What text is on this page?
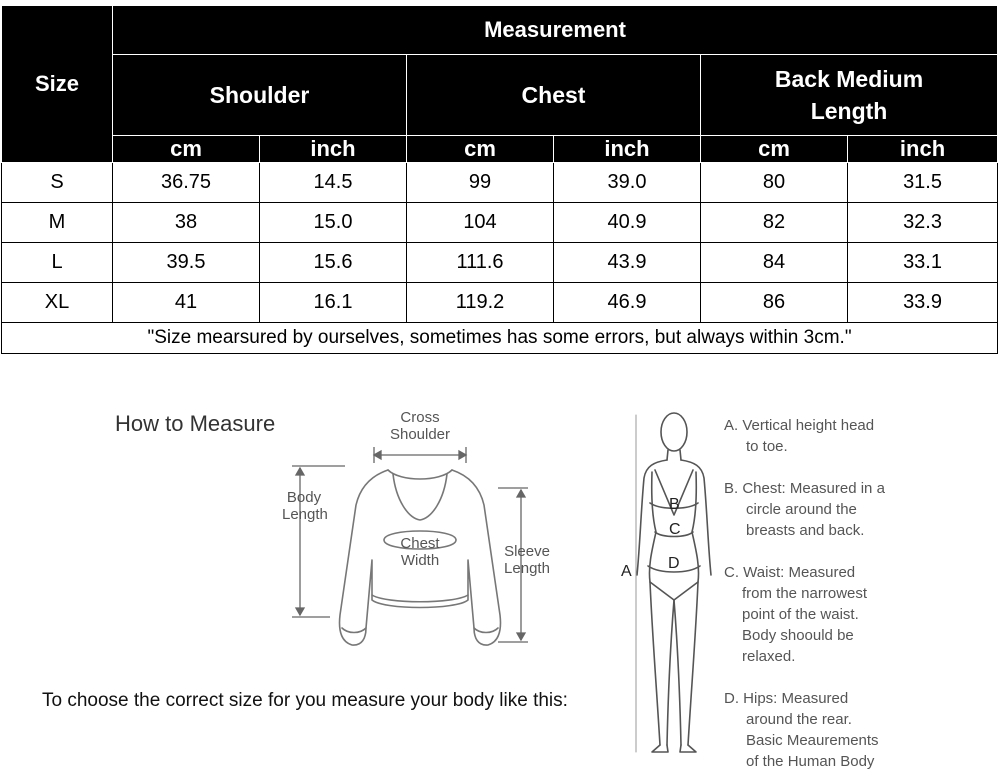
Size	Measurement					
	Shoulder		Chest		Back Medium
Length	
	cm	inch	cm	inch	cm	inch
S	36.75	14.5	99	39.0	80	31.5
M	38	15.0	104	40.9	82	32.3
L	39.5	15.6	111.6	43.9	84	33.1
XL	41	16.1	119.2	46.9	86	33.9
"Size mearsured by ourselves, sometimes has some errors, but always within 3cm."						
How to Measure	Cross
Shoulder
Body
Length
Chest
Width
Sleeve
Length	A
B
C
D
To choose the correct size for you measure your body like this:
A. Vertical height head
to toe.
B. Chest: Measured in a
circle around the
breasts and back.
C. Waist: Measured
from the narrowest
point of the waist.
Body shoould be
relaxed.
D. Hips: Measured
around the rear.
Basic Meaurements
of the Human Body
